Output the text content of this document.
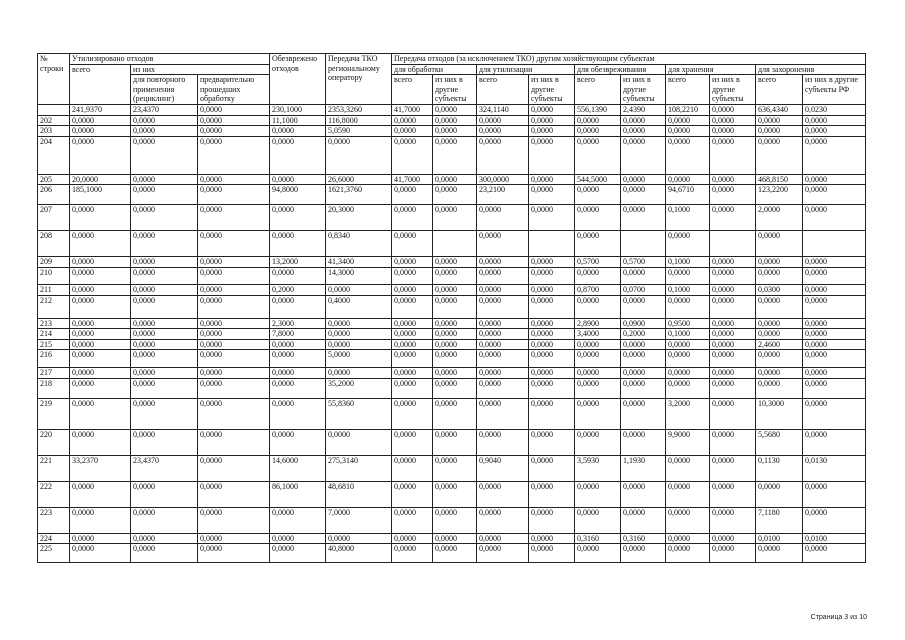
№ строки	Утилизировано отходов			Обезврежено отходов	Передача ТКО региональному оператору	Передача отходов (за исключением ТКО) другим хозяйствующим субъектам									
	всего	из них				для обработки		для утилизации		для обезвреживания		для хранения		для захоронения	
		для повторного применения (рециклинг)	предварительно прошедших обработку			всего	из них в другие субъекты	всего	из них в другие субъекты	всего	из них в другие субъекты	всего	из них в другие субъекты	всего	из них в другие субъекты РФ
	241,9370	23,4370	0,0000	230,1000	2353,3260	41,7000	0,0000	324,1140	0,0000	556,1390	2,4390	108,2210	0,0000	636,4340	0,0230
202	0,0000	0,0000	0,0000	11,1000	116,8000	0,0000	0,0000	0,0000	0,0000	0,0000	0,0000	0,0000	0,0000	0,0000	0,0000
203	0,0000	0,0000	0,0000	0,0000	5,0590	0,0000	0,0000	0,0000	0,0000	0,0000	0,0000	0,0000	0,0000	0,0000	0,0000
204	0,0000	0,0000	0,0000	0,0000	0,0000	0,0000	0,0000	0,0000	0,0000	0,0000	0,0000	0,0000	0,0000	0,0000	0,0000
205	20,0000	0,0000	0,0000	0,0000	26,6000	41,7000	0,0000	300,0000	0,0000	544,5000	0,0000	0,0000	0,0000	468,8150	0,0000
206	185,1000	0,0000	0,0000	94,8000	1621,3760	0,0000	0,0000	23,2100	0,0000	0,0000	0,0000	94,6710	0,0000	123,2200	0,0000
207	0,0000	0,0000	0,0000	0,0000	20,3000	0,0000	0,0000	0,0000	0,0000	0,0000	0,0000	0,1000	0,0000	2,0000	0,0000
208	0,0000	0,0000	0,0000	0,0000	0,8340	0,0000		0,0000		0,0000		0,0000		0,0000	
209	0,0000	0,0000	0,0000	13,2000	41,3400	0,0000	0,0000	0,0000	0,0000	0,5700	0,5700	0,1000	0,0000	0,0000	0,0000
210	0,0000	0,0000	0,0000	0,0000	14,3000	0,0000	0,0000	0,0000	0,0000	0,0000	0,0000	0,0000	0,0000	0,0000	0,0000
211	0,0000	0,0000	0,0000	0,2000	0,0000	0,0000	0,0000	0,0000	0,0000	0,8700	0,0700	0,1000	0,0000	0,0300	0,0000
212	0,0000	0,0000	0,0000	0,0000	0,4000	0,0000	0,0000	0,0000	0,0000	0,0000	0,0000	0,0000	0,0000	0,0000	0,0000
213	0,0000	0,0000	0,0000	2,3000	0,0000	0,0000	0,0000	0,0000	0,0000	2,8900	0,0900	0,9500	0,0000	0,0000	0,0000
214	0,0000	0,0000	0,0000	7,8000	0,0000	0,0000	0,0000	0,0000	0,0000	3,4000	0,2000	0,1000	0,0000	0,0000	0,0000
215	0,0000	0,0000	0,0000	0,0000	0,0000	0,0000	0,0000	0,0000	0,0000	0,0000	0,0000	0,0000	0,0000	2,4600	0,0000
216	0,0000	0,0000	0,0000	0,0000	5,0000	0,0000	0,0000	0,0000	0,0000	0,0000	0,0000	0,0000	0,0000	0,0000	0,0000
217	0,0000	0,0000	0,0000	0,0000	0,0000	0,0000	0,0000	0,0000	0,0000	0,0000	0,0000	0,0000	0,0000	0,0000	0,0000
218	0,0000	0,0000	0,0000	0,0000	35,2000	0,0000	0,0000	0,0000	0,0000	0,0000	0,0000	0,0000	0,0000	0,0000	0,0000
219	0,0000	0,0000	0,0000	0,0000	55,8360	0,0000	0,0000	0,0000	0,0000	0,0000	0,0000	3,2000	0,0000	10,3000	0,0000
220	0,0000	0,0000	0,0000	0,0000	0,0000	0,0000	0,0000	0,0000	0,0000	0,0000	0,0000	9,9000	0,0000	5,5680	0,0000
221	33,2370	23,4370	0,0000	14,6000	275,3140	0,0000	0,0000	0,9040	0,0000	3,5930	1,1930	0,0000	0,0000	0,1130	0,0130
222	0,0000	0,0000	0,0000	86,1000	48,6810	0,0000	0,0000	0,0000	0,0000	0,0000	0,0000	0,0000	0,0000	0,0000	0,0000
223	0,0000	0,0000	0,0000	0,0000	7,0000	0,0000	0,0000	0,0000	0,0000	0,0000	0,0000	0,0000	0,0000	7,1180	0,0000
224	0,0000	0,0000	0,0000	0,0000	0,0000	0,0000	0,0000	0,0000	0,0000	0,3160	0,3160	0,0000	0,0000	0,0100	0,0100
225	0,0000	0,0000	0,0000	0,0000	40,8000	0,0000	0,0000	0,0000	0,0000	0,0000	0,0000	0,0000	0,0000	0,0000	0,0000
Страница 3 из 10
